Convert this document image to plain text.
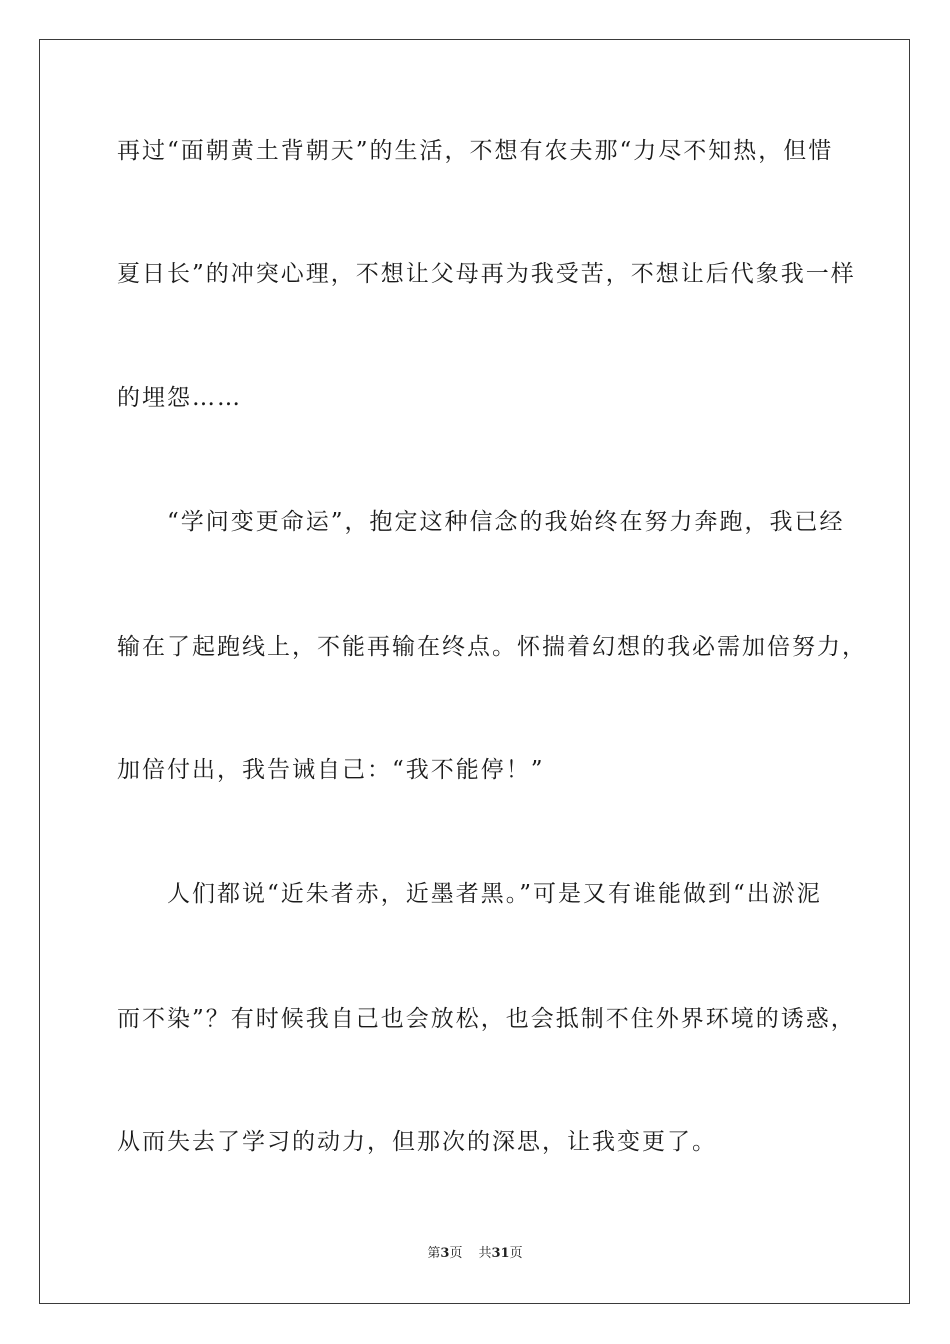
再过“面朝黄土背朝天”的生活，不想有农夫那“力尽不知热，但惜
夏日长”的冲突心理，不想让父母再为我受苦，不想让后代象我一样
的埋怨……
　　“学问变更命运”，抱定这种信念的我始终在努力奔跑，我已经
输在了起跑线上，不能再输在终点。怀揣着幻想的我必需加倍努力，
加倍付出，我告诫自己：“我不能停！”
　　人们都说“近朱者赤，近墨者黑。”可是又有谁能做到“出淤泥
而不染”？有时候我自己也会放松，也会抵制不住外界环境的诱惑，
从而失去了学习的动力，但那次的深思，让我变更了。
第3页 共31页
